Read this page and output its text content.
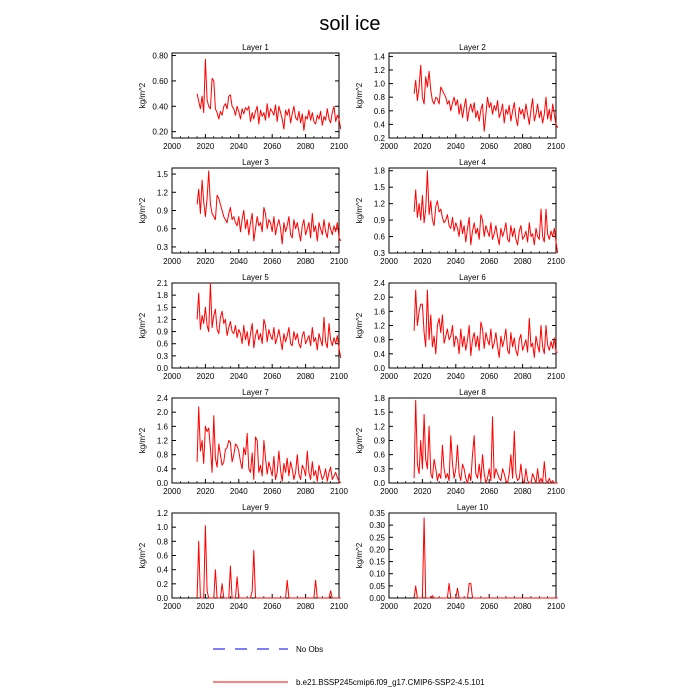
soil ice
Layer 1
kg/m^2
2000 2020 2040 2060 2080 2100
0.20
0.40
0.60
0.80
Layer 2
kg/m^2
2000 2020 2040 2060 2080 2100
0.2
0.4
0.6
0.8
1.0
1.2
1.4
Layer 3
kg/m^2
2000 2020 2040 2060 2080 2100
0.3
0.6
0.9
1.2
1.5
Layer 4
kg/m^2
2000 2020 2040 2060 2080 2100
0.3
0.6
0.9
1.2
1.5
1.8
Layer 5
kg/m^2
2000 2020 2040 2060 2080 2100
0.0
0.3
0.6
0.9
1.2
1.5
1.8
2.1
Layer 6
kg/m^2
2000 2020 2040 2060 2080 2100
0.0
0.4
0.8
1.2
1.6
2.0
2.4
Layer 7
kg/m^2
2000 2020 2040 2060 2080 2100
0.0
0.4
0.8
1.2
1.6
2.0
2.4
Layer 8
kg/m^2
2000 2020 2040 2060 2080 2100
0.0
0.3
0.6
0.9
1.2
1.5
1.8
Layer 9
kg/m^2
2000 2020 2040 2060 2080 2100
0.0
0.2
0.4
0.6
0.8
1.0
1.2
Layer 10
kg/m^2
2000 2020 2040 2060 2080 2100
0.00
0.05
0.10
0.15
0.20
0.25
0.30
0.35
No Obs
b.e21.BSSP245cmip6.f09_g17.CMIP6-SSP2-4.5.101
